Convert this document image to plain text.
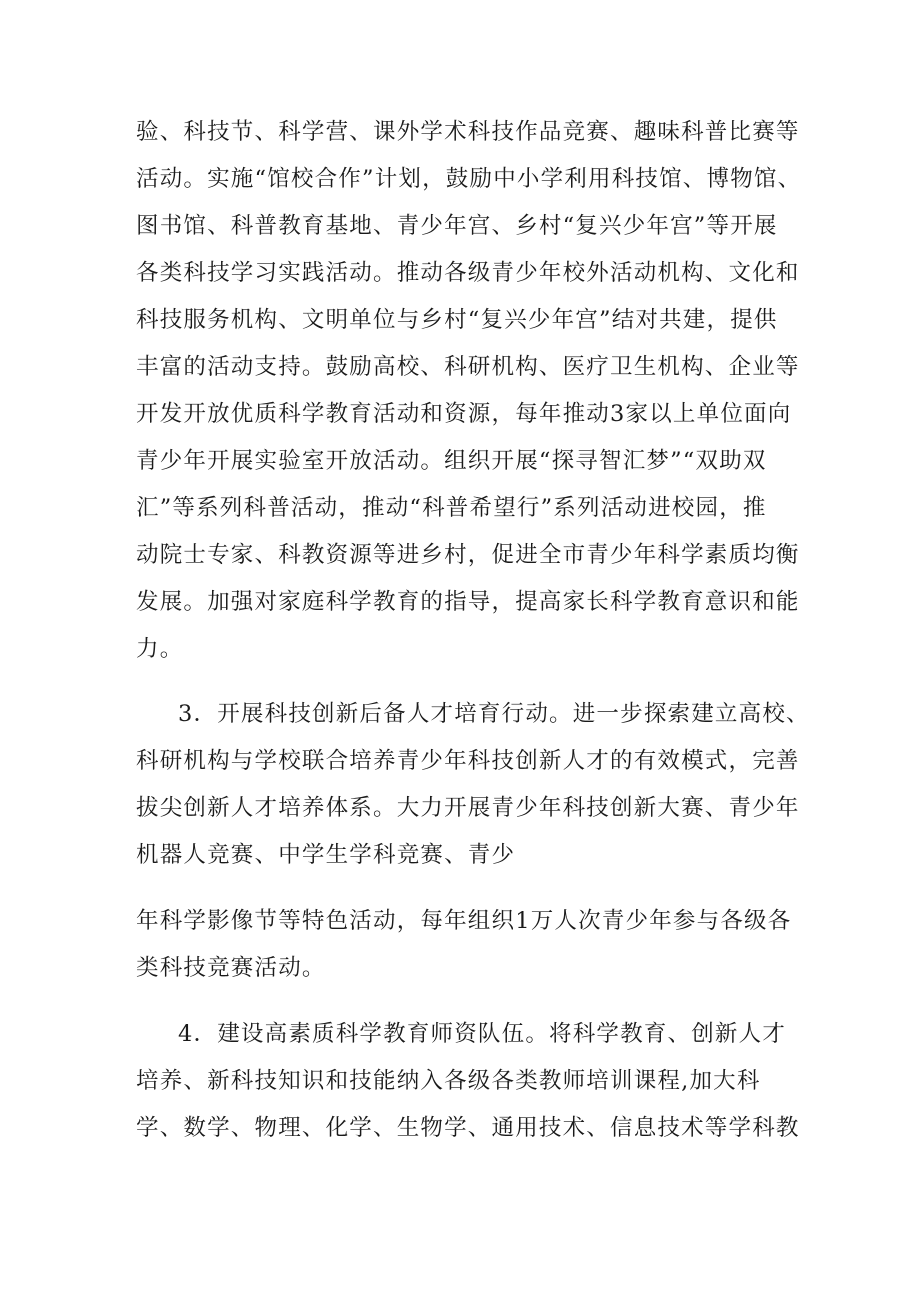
验、科技节、科学营、课外学术科技作品竞赛、趣味科普比赛等
活动。实施“馆校合作”计划，鼓励中小学利用科技馆、博物馆、
图书馆、科普教育基地、青少年宫、乡村“复兴少年宫”等开展
各类科技学习实践活动。推动各级青少年校外活动机构、文化和
科技服务机构、文明单位与乡村“复兴少年宫”结对共建，提供
丰富的活动支持。鼓励高校、科研机构、医疗卫生机构、企业等
开发开放优质科学教育活动和资源，每年推动3家以上单位面向
青少年开展实验室开放活动。组织开展“探寻智汇梦”“双助双
汇”等系列科普活动，推动“科普希望行”系列活动进校园，推
动院士专家、科教资源等进乡村，促进全市青少年科学素质均衡
发展。加强对家庭科学教育的指导，提高家长科学教育意识和能
力。
3．开展科技创新后备人才培育行动。进一步探索建立高校、
科研机构与学校联合培养青少年科技创新人才的有效模式，完善
拔尖创新人才培养体系。大力开展青少年科技创新大赛、青少年
机器人竞赛、中学生学科竞赛、青少
年科学影像节等特色活动，每年组织1万人次青少年参与各级各
类科技竞赛活动。
4．建设高素质科学教育师资队伍。将科学教育、创新人才
培养、新科技知识和技能纳入各级各类教师培训课程,加大科
学、数学、物理、化学、生物学、通用技术、信息技术等学科教
